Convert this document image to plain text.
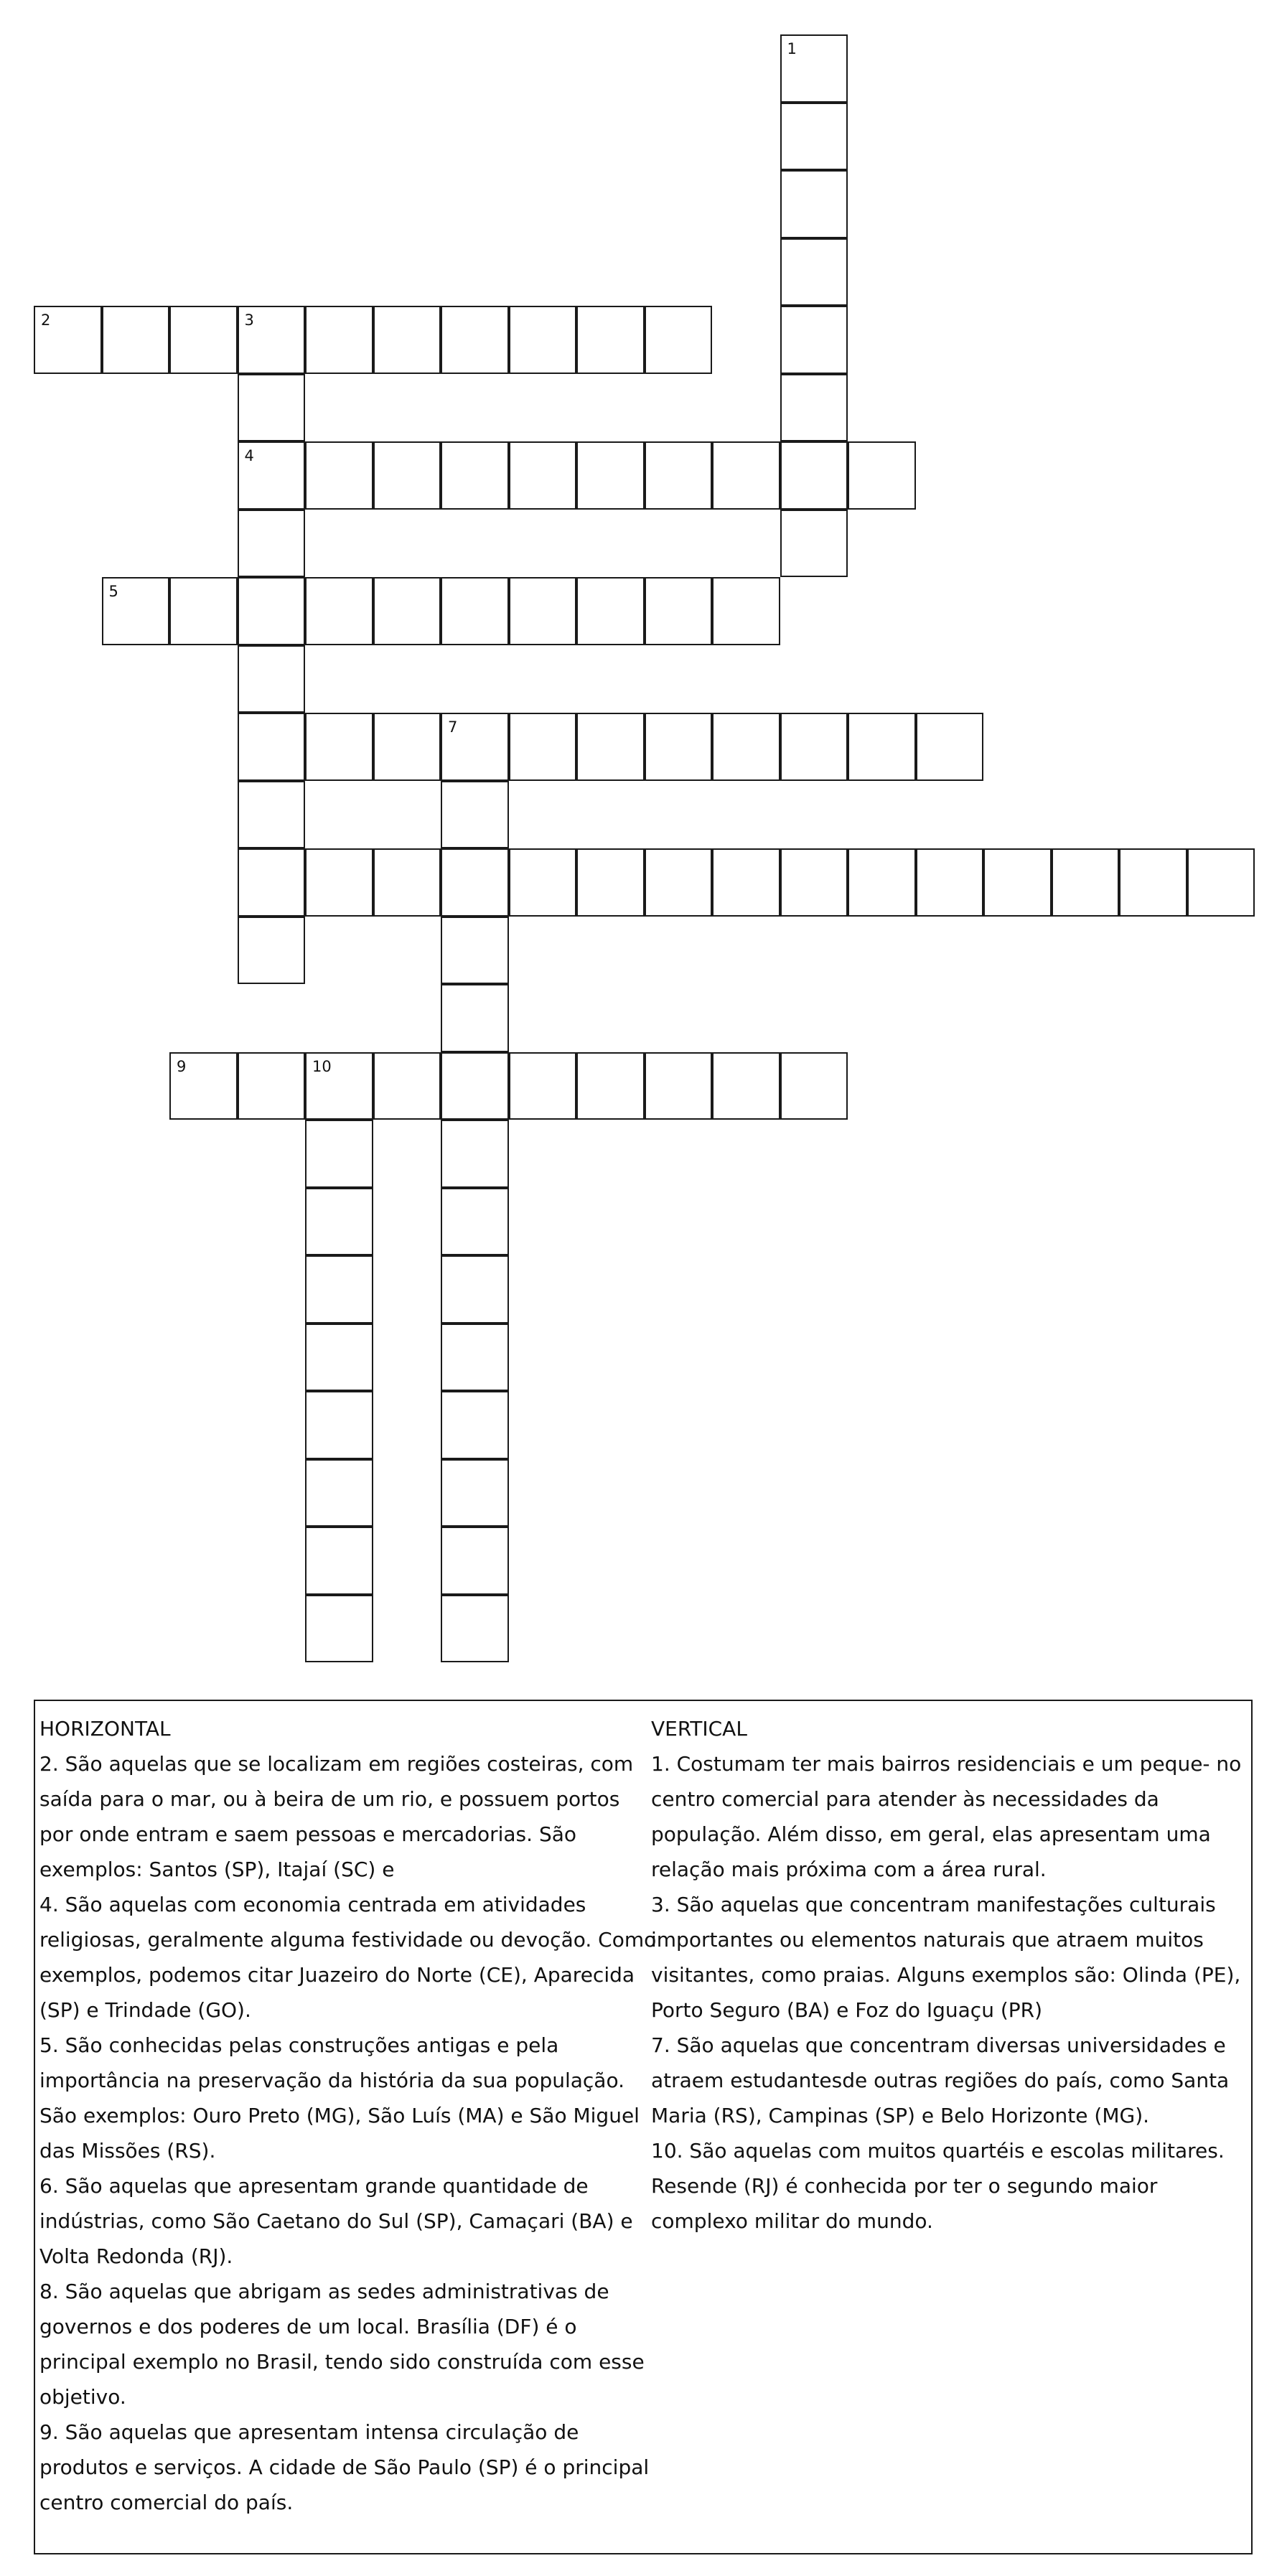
1
2	3
4
5
7
9	10
HORIZONTAL
2. São aquelas que se localizam em regiões costeiras, com saída para o mar, ou à beira de um rio, e possuem portos por onde entram e saem pessoas e mercadorias. São exemplos: Santos (SP), Itajaí (SC) e
4. São aquelas com economia centrada em atividades religiosas, geralmente alguma festividade ou devoção. Como exemplos, podemos citar Juazeiro do Norte (CE), Aparecida (SP) e Trindade (GO).
5. São conhecidas pelas construções antigas e pela importância na preservação da história da sua população. São exemplos: Ouro Preto (MG), São Luís (MA) e São Miguel das Missões (RS).
6. São aquelas que apresentam grande quantidade de indústrias, como São Caetano do Sul (SP), Camaçari (BA) e Volta Redonda (RJ).
8. São aquelas que abrigam as sedes administrativas de governos e dos poderes de um local. Brasília (DF) é o principal exemplo no Brasil, tendo sido construída com esse objetivo.
9. São aquelas que apresentam intensa circulação de produtos e serviços. A cidade de São Paulo (SP) é o principal centro comercial do país.
VERTICAL
1. Costumam ter mais bairros residenciais e um peque- no centro comercial para atender às necessidades da população. Além disso, em geral, elas apresentam uma relação mais próxima com a área rural.
3. São aquelas que concentram manifestações culturais importantes ou elementos naturais que atraem muitos visitantes, como praias. Alguns exemplos são: Olinda (PE), Porto Seguro (BA) e Foz do Iguaçu (PR)
7. São aquelas que concentram diversas universidades e atraem estudantesde outras regiões do país, como Santa Maria (RS), Campinas (SP) e Belo Horizonte (MG).
10. São aquelas com muitos quartéis e escolas militares. Resende (RJ) é conhecida por ter o segundo maior complexo militar do mundo.
